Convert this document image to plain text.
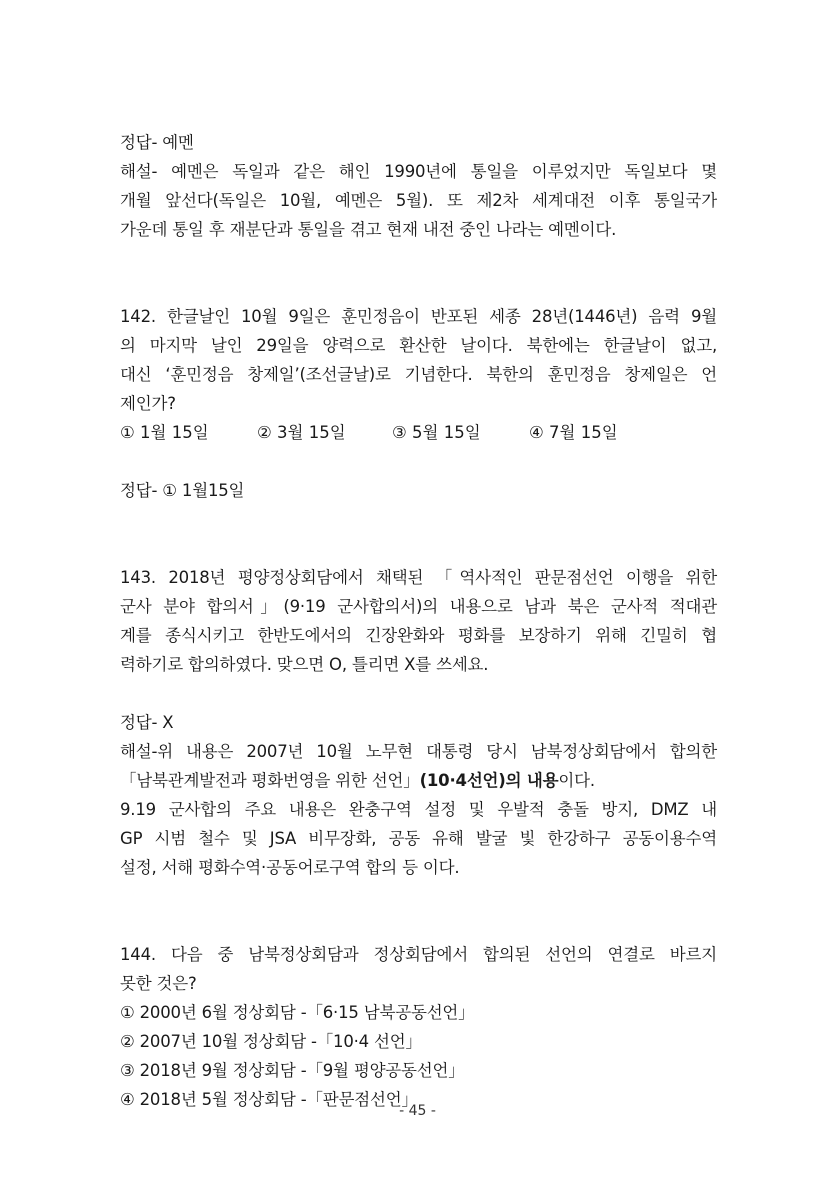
정답- 예멘
해설- 예멘은 독일과 같은 해인 1990년에 통일을 이루었지만 독일보다 몇
개월 앞선다(독일은 10월, 예멘은 5월). 또 제2차 세계대전 이후 통일국가
가운데 통일 후 재분단과 통일을 겪고 현재 내전 중인 나라는 예멘이다.
142. 한글날인 10월 9일은 훈민정음이 반포된 세종 28년(1446년) 음력 9월
의 마지막 날인 29일을 양력으로 환산한 날이다. 북한에는 한글날이 없고,
대신 ‘훈민정음 창제일’(조선글날)로 기념한다. 북한의 훈민정음 창제일은 언
제인가?
① 1월 15일	② 3월 15일	③ 5월 15일	④ 7월 15일
정답- ① 1월15일
143. 2018년 평양정상회담에서 채택된 「역사적인 판문점선언 이행을 위한
군사 분야 합의서」(9·19 군사합의서)의 내용으로 남과 북은 군사적 적대관
계를 종식시키고 한반도에서의 긴장완화와 평화를 보장하기 위해 긴밀히 협
력하기로 합의하였다. 맞으면 O, 틀리면 X를 쓰세요.
정답- X
해설-위 내용은 2007년 10월 노무현 대통령 당시 남북정상회담에서 합의한
「남북관계발전과 평화번영을 위한 선언」(10·4선언)의 내용이다.
9.19 군사합의 주요 내용은 완충구역 설정 및 우발적 충돌 방지, DMZ 내
GP 시범 철수 및 JSA 비무장화, 공동 유해 발굴 빛 한강하구 공동이용수역
설정, 서해 평화수역·공동어로구역 합의 등 이다.
144. 다음 중 남북정상회담과 정상회담에서 합의된 선언의 연결로 바르지
못한 것은?
① 2000년 6월 정상회담 -「6·15 남북공동선언」
② 2007년 10월 정상회담 -「10·4 선언」
③ 2018년 9월 정상회담 -「9월 평양공동선언」
④ 2018년 5월 정상회담 -「판문점선언」
- 45 -
